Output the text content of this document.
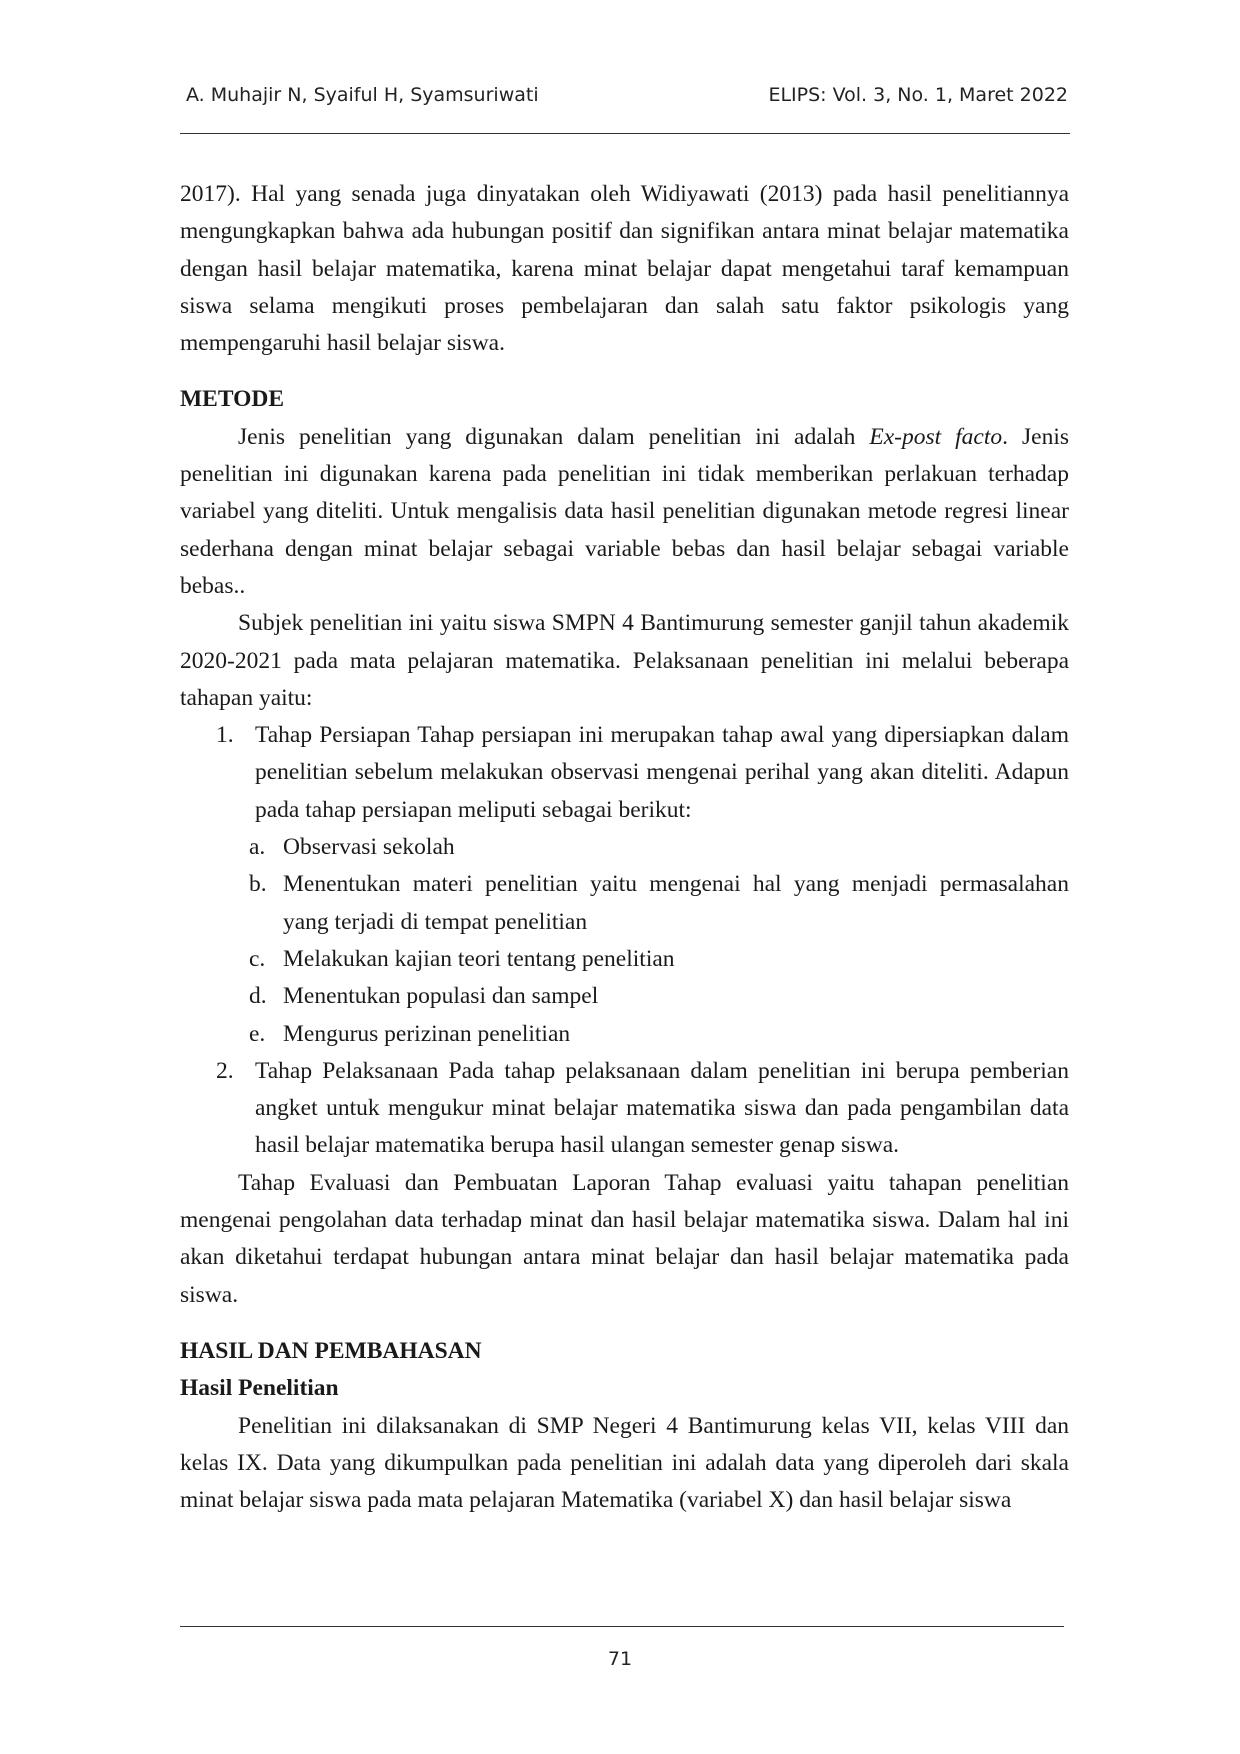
A. Muhajir N, Syaiful H, Syamsuriwati	ELIPS: Vol. 3, No. 1, Maret 2022

2017). Hal yang senada juga dinyatakan oleh Widiyawati (2013) pada hasil penelitiannya mengungkapkan bahwa ada hubungan positif dan signifikan antara minat belajar matematika dengan hasil belajar matematika, karena minat belajar dapat mengetahui taraf kemampuan siswa selama mengikuti proses pembelajaran dan salah satu faktor psikologis yang mempengaruhi hasil belajar siswa.

METODE

Jenis penelitian yang digunakan dalam penelitian ini adalah Ex-post facto. Jenis penelitian ini digunakan karena pada penelitian ini tidak memberikan perlakuan terhadap variabel yang diteliti. Untuk mengalisis data hasil penelitian digunakan metode regresi linear sederhana dengan minat belajar sebagai variable bebas dan hasil belajar sebagai variable bebas..

Subjek penelitian ini yaitu siswa SMPN 4 Bantimurung semester ganjil tahun akademik 2020-2021 pada mata pelajaran matematika. Pelaksanaan penelitian ini melalui beberapa tahapan yaitu:

1. Tahap Persiapan Tahap persiapan ini merupakan tahap awal yang dipersiapkan dalam penelitian sebelum melakukan observasi mengenai perihal yang akan diteliti. Adapun pada tahap persiapan meliputi sebagai berikut:
a. Observasi sekolah
b. Menentukan materi penelitian yaitu mengenai hal yang menjadi permasalahan yang terjadi di tempat penelitian
c. Melakukan kajian teori tentang penelitian
d. Menentukan populasi dan sampel
e. Mengurus perizinan penelitian
2. Tahap Pelaksanaan Pada tahap pelaksanaan dalam penelitian ini berupa pemberian angket untuk mengukur minat belajar matematika siswa dan pada pengambilan data hasil belajar matematika berupa hasil ulangan semester genap siswa.

Tahap Evaluasi dan Pembuatan Laporan Tahap evaluasi yaitu tahapan penelitian mengenai pengolahan data terhadap minat dan hasil belajar matematika siswa. Dalam hal ini akan diketahui terdapat hubungan antara minat belajar dan hasil belajar matematika pada siswa.

HASIL DAN PEMBAHASAN
Hasil Penelitian

Penelitian ini dilaksanakan di SMP Negeri 4 Bantimurung kelas VII, kelas VIII dan kelas IX. Data yang dikumpulkan pada penelitian ini adalah data yang diperoleh dari skala minat belajar siswa pada mata pelajaran Matematika (variabel X) dan hasil belajar siswa

71
